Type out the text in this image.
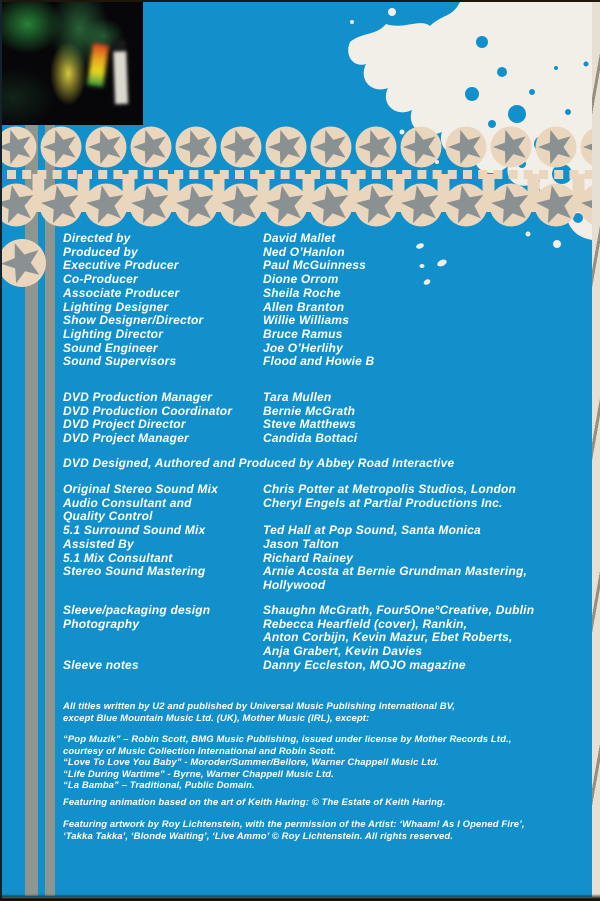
Directed by	David Mallet
Produced by	Ned O’Hanlon
Executive Producer	Paul McGuinness
Co-Producer	Dione Orrom
Associate Producer	Sheila Roche
Lighting Designer	Allen Branton
Show Designer/Director	Willie Williams
Lighting Director	Bruce Ramus
Sound Engineer	Joe O’Herlihy
Sound Supervisors	Flood and Howie B
DVD Production Manager	Tara Mullen
DVD Production Coordinator	Bernie McGrath
DVD Project Director	Steve Matthews
DVD Project Manager	Candida Bottaci
DVD Designed, Authored and Produced by Abbey Road Interactive
Original Stereo Sound Mix	Chris Potter at Metropolis Studios, London
Audio Consultant and	Cheryl Engels at Partial Productions Inc.
Quality Control
5.1 Surround Sound Mix	Ted Hall at Pop Sound, Santa Monica
Assisted By	Jason Talton
5.1 Mix Consultant	Richard Rainey
Stereo Sound Mastering	Arnie Acosta at Bernie Grundman Mastering,
Hollywood
Sleeve/packaging design	Shaughn McGrath, Four5One°Creative, Dublin
Photography	Rebecca Hearfield (cover), Rankin,
Anton Corbijn, Kevin Mazur, Ebet Roberts,
Anja Grabert, Kevin Davies
Sleeve notes	Danny Eccleston, MOJO magazine
All titles written by U2 and published by Universal Music Publishing International BV,
except Blue Mountain Music Ltd. (UK), Mother Music (IRL), except:
“Pop Muzik” – Robin Scott, BMG Music Publishing, issued under license by Mother Records Ltd.,
courtesy of Music Collection International and Robin Scott.
“Love To Love You Baby” - Moroder/Summer/Bellore, Warner Chappell Music Ltd.
“Life During Wartime” - Byrne, Warner Chappell Music Ltd.
“La Bamba” – Traditional, Public Domain.
Featuring animation based on the art of Keith Haring: © The Estate of Keith Haring.
Featuring artwork by Roy Lichtenstein, with the permission of the Artist: ‘Whaam! As I Opened Fire’,
‘Takka Takka’, ‘Blonde Waiting’, ‘Live Ammo’ © Roy Lichtenstein. All rights reserved.
